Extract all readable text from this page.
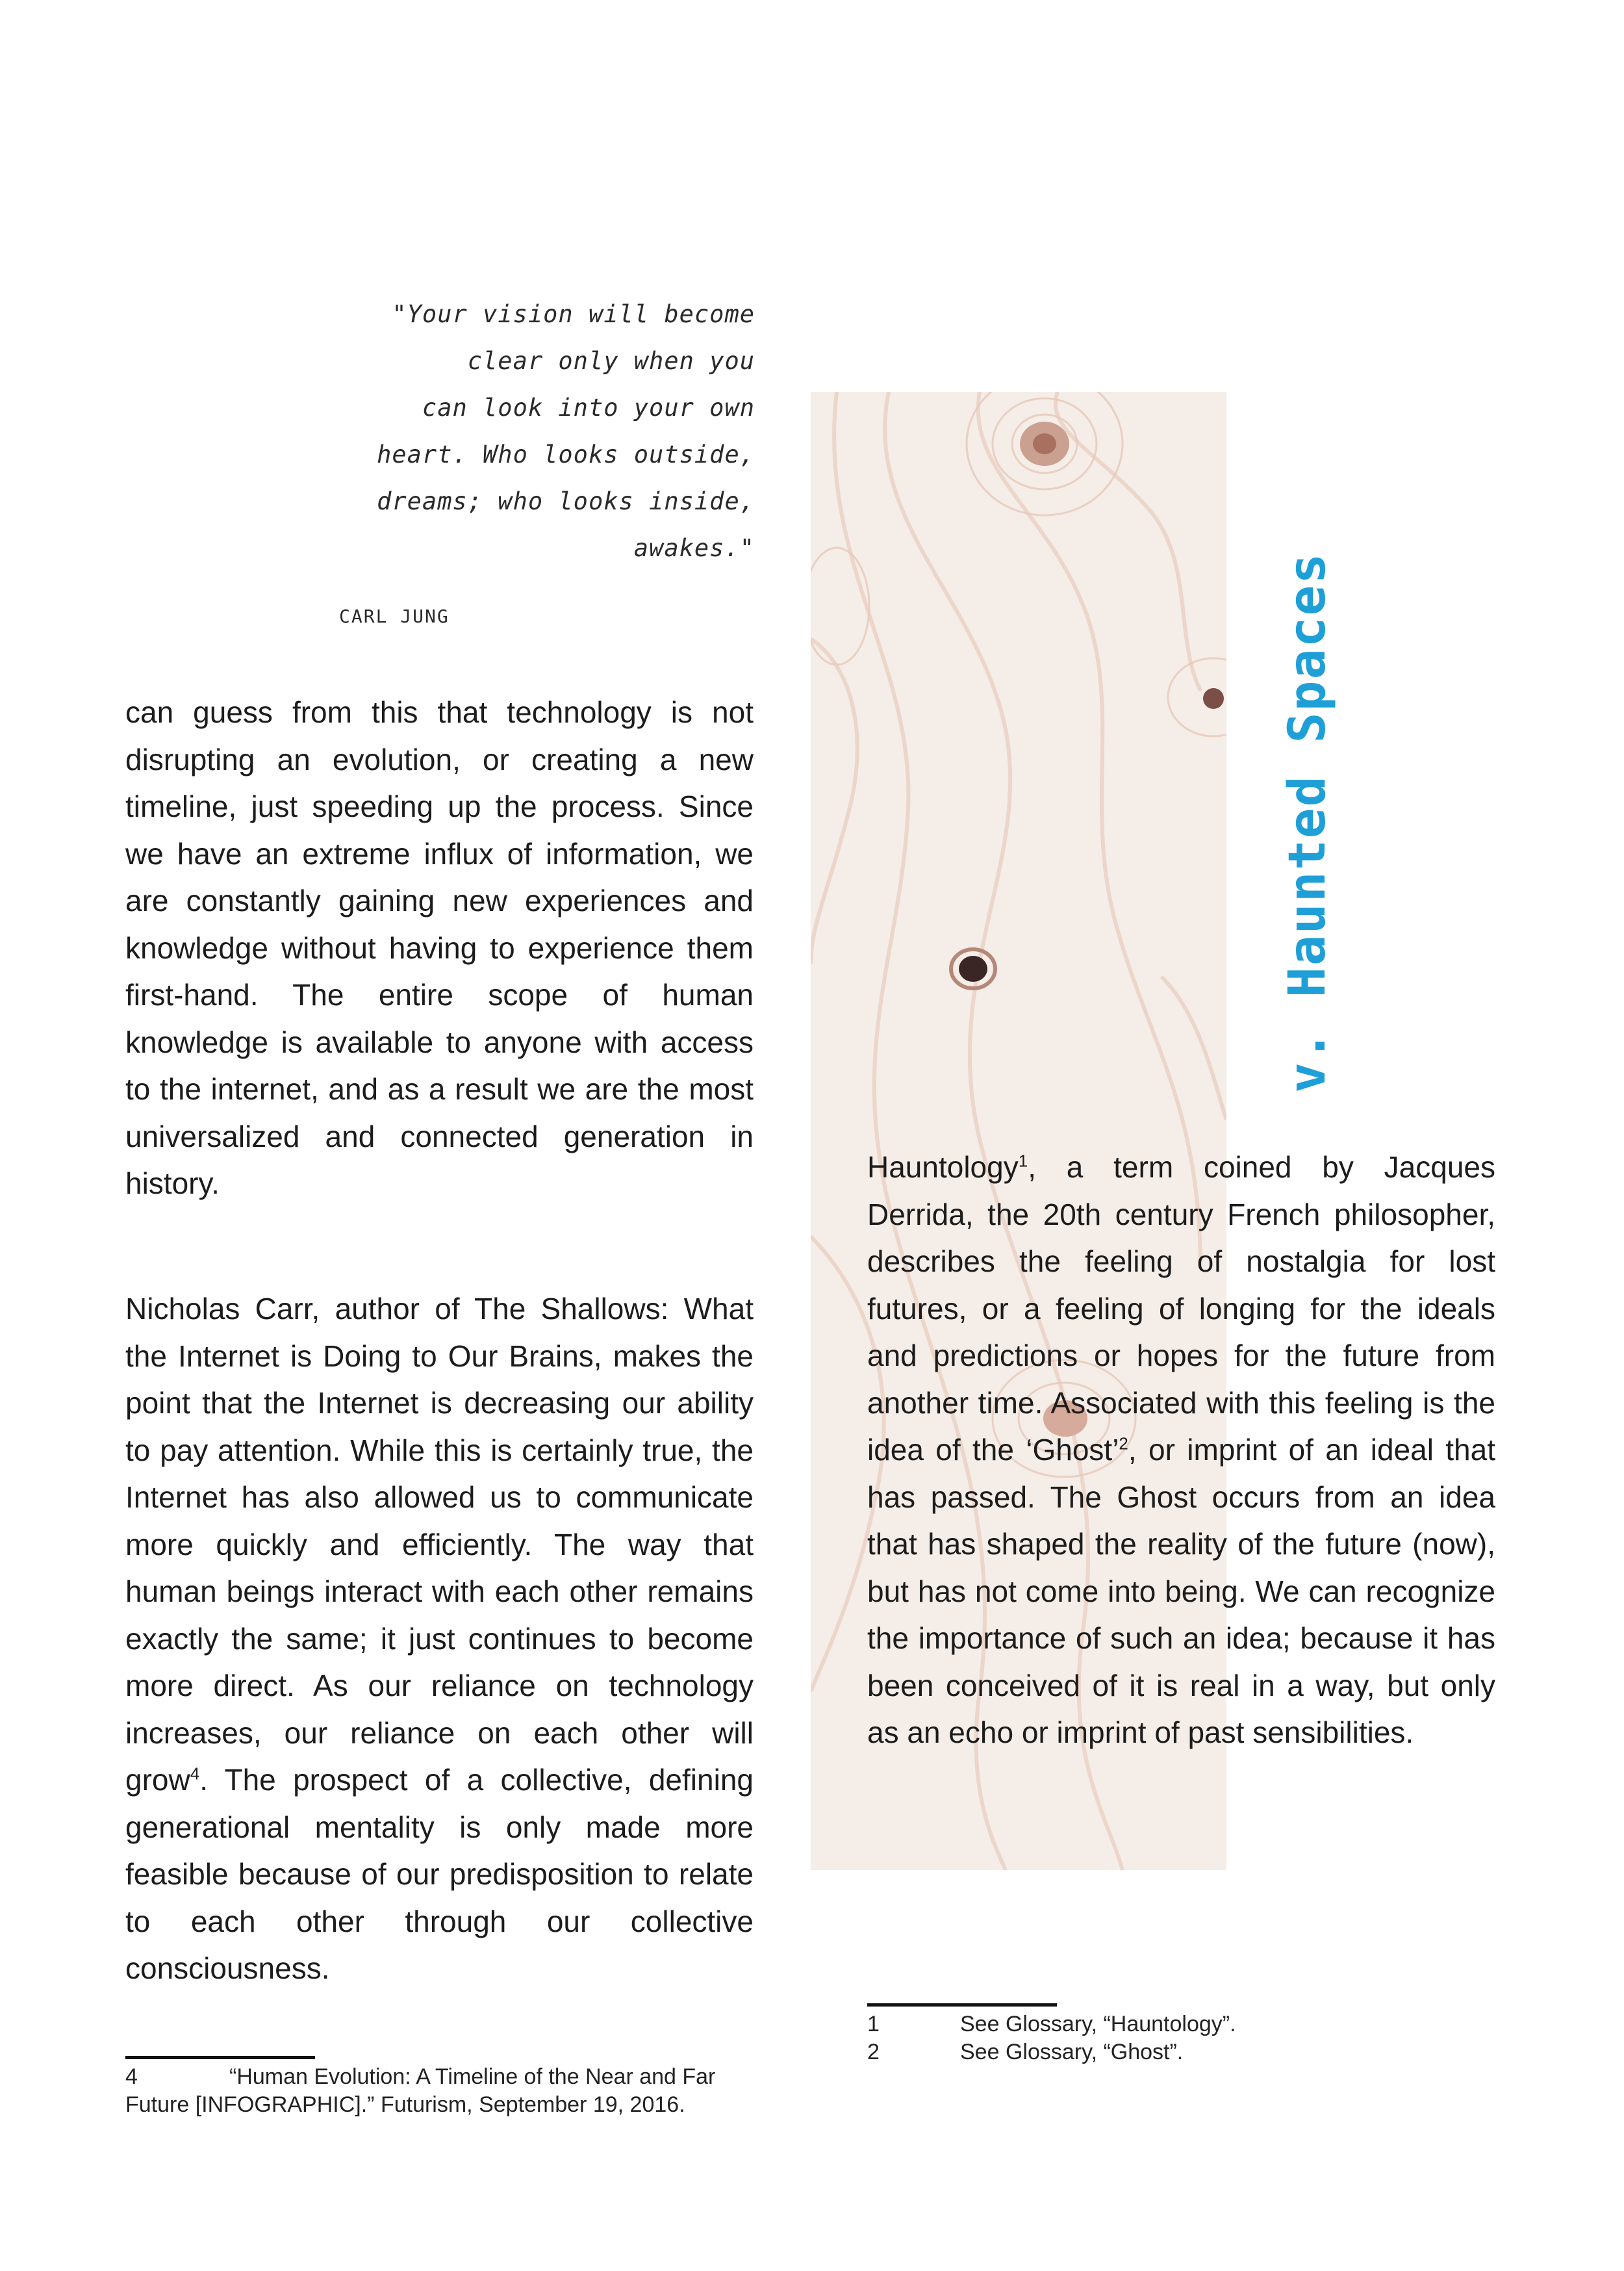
"Your vision will become
clear only when you
can look into your own
heart. Who looks outside,
dreams; who looks inside,
awakes."
CARL JUNG

can guess from this that technology is not disrupting an evolution, or creating a new timeline, just speeding up the process. Since we have an extreme influx of information, we are constantly gaining new experiences and knowledge without having to experience them first-hand. The entire scope of human knowledge is available to anyone with access to the internet, and as a result we are the most universalized and connected generation in history.

Nicholas Carr, author of The Shallows: What the Internet is Doing to Our Brains, makes the point that the Internet is decreasing our ability to pay attention. While this is certainly true, the Internet has also allowed us to communicate more quickly and efficiently. The way that human beings interact with each other remains exactly the same; it just continues to become more direct. As our reliance on technology increases, our reliance on each other will grow$^4$. The prospect of a collective, defining generational mentality is only made more feasible because of our predisposition to relate to each other through our collective consciousness.

v. Haunted Spaces

Hauntology$^1$, a term coined by Jacques Derrida, the 20th century French philosopher, describes the feeling of nostalgia for lost futures, or a feeling of longing for the ideals and predictions or hopes for the future from another time. Associated with this feeling is the idea of the ‘Ghost’$^2$, or imprint of an ideal that has passed. The Ghost occurs from an idea that has shaped the reality of the future (now), but has not come into being. We can recognize the importance of such an idea; because it has been conceived of it is real in a way, but only as an echo or imprint of past sensibilities.

1	See Glossary, “Hauntology”.
2	See Glossary, “Ghost”.
4	“Human Evolution: A Timeline of the Near and Far Future [INFOGRAPHIC].” Futurism, September 19, 2016.
